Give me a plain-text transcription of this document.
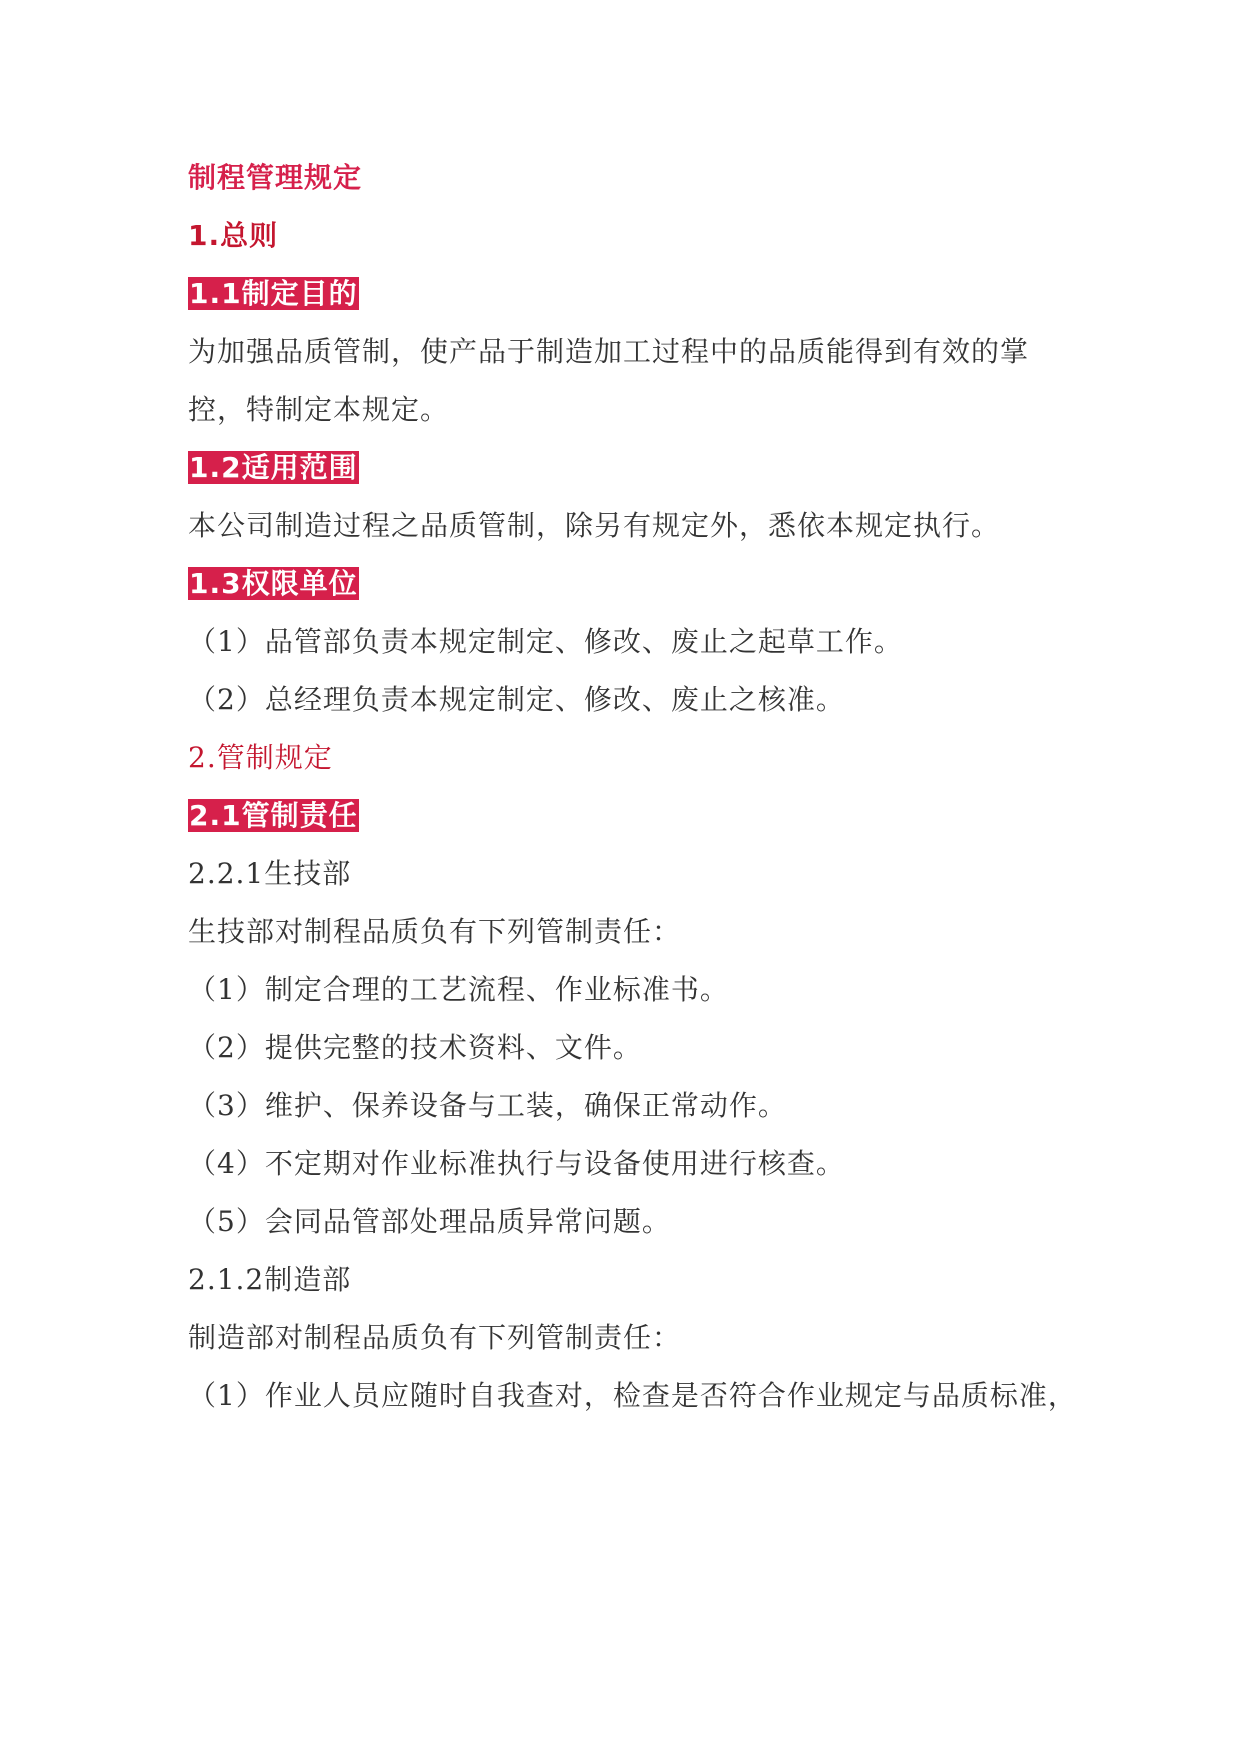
制程管理规定
1.总则
1.1制定目的
为加强品质管制，使产品于制造加工过程中的品质能得到有效的掌
控，特制定本规定。
1.2适用范围
本公司制造过程之品质管制，除另有规定外，悉依本规定执行。
1.3权限单位
（1）品管部负责本规定制定、修改、废止之起草工作。
（2）总经理负责本规定制定、修改、废止之核准。
2.管制规定
2.1管制责任
2.2.1生技部
生技部对制程品质负有下列管制责任：
（1）制定合理的工艺流程、作业标准书。
（2）提供完整的技术资料、文件。
（3）维护、保养设备与工装，确保正常动作。
（4）不定期对作业标准执行与设备使用进行核查。
（5）会同品管部处理品质异常问题。
2.1.2制造部
制造部对制程品质负有下列管制责任：
（1）作业人员应随时自我查对，检查是否符合作业规定与品质标准，
